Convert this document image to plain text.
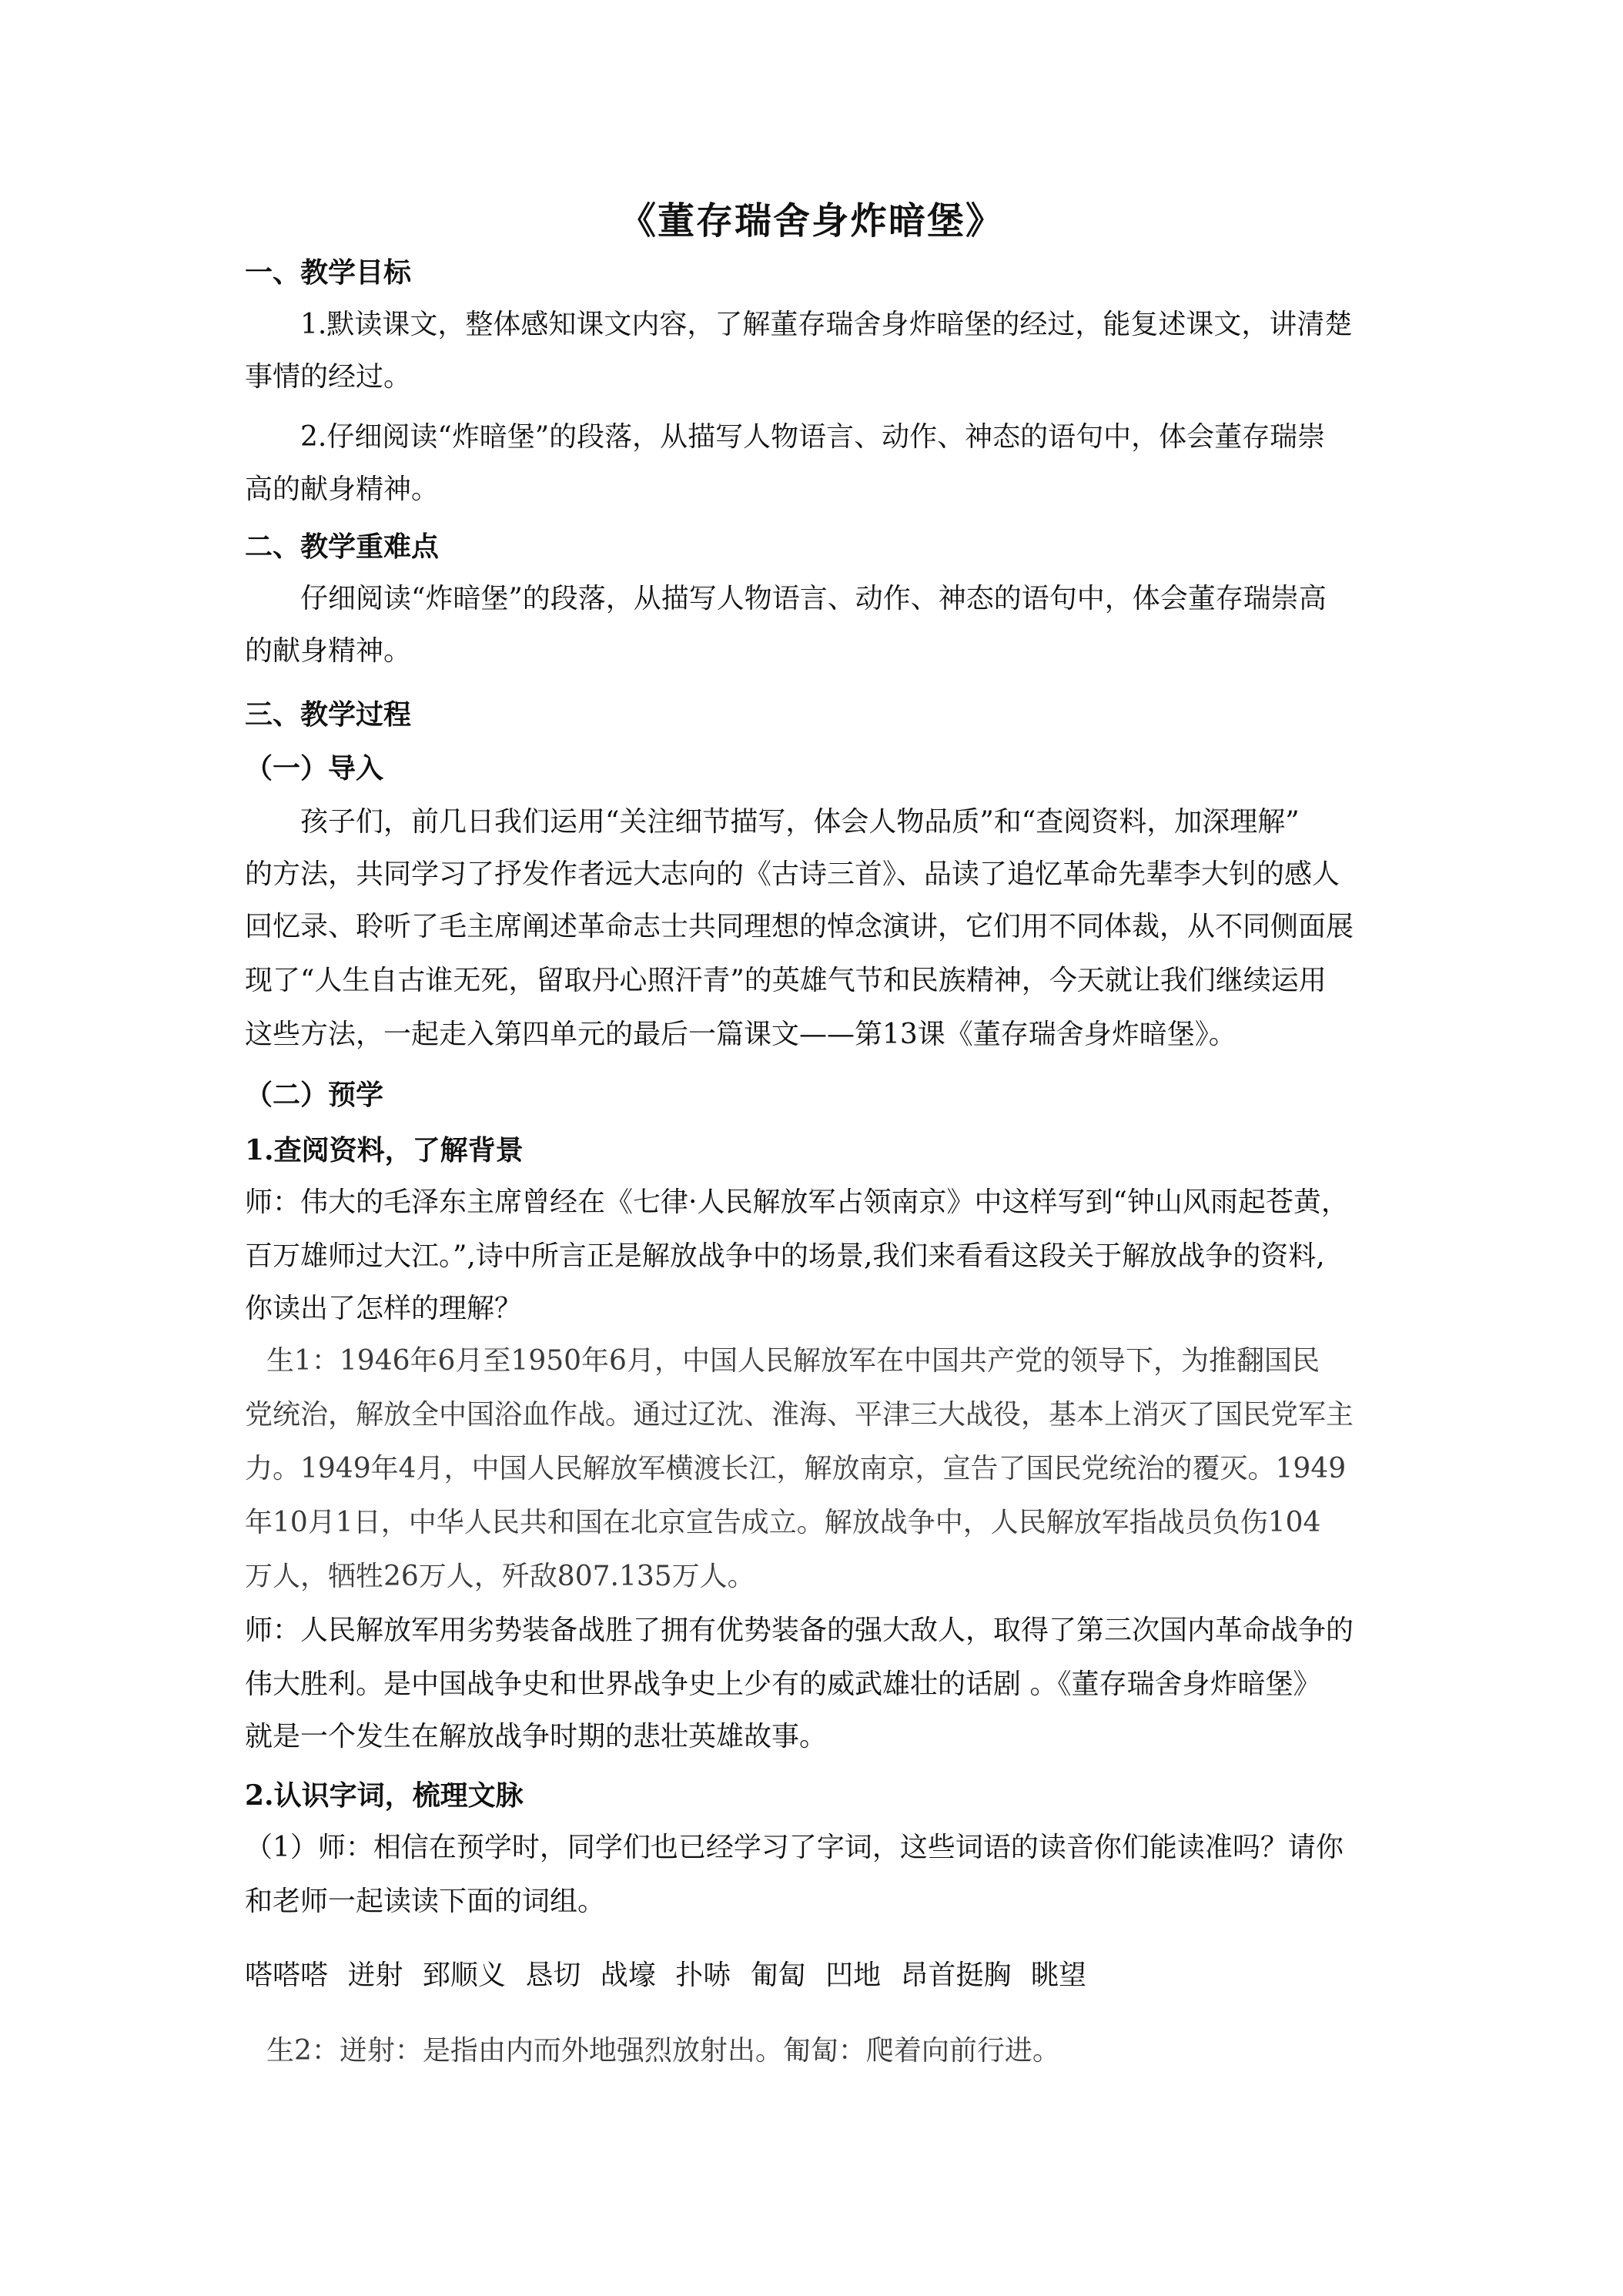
《董存瑞舍身炸暗堡》

一、教学目标

1.默读课文，整体感知课文内容，了解董存瑞舍身炸暗堡的经过，能复述课文，讲清楚

事情的经过。

2.仔细阅读“炸暗堡”的段落，从描写人物语言、动作、神态的语句中，体会董存瑞崇

高的献身精神。

二、教学重难点

仔细阅读“炸暗堡”的段落，从描写人物语言、动作、神态的语句中，体会董存瑞崇高

的献身精神。

三、教学过程

（一）导入

孩子们，前几日我们运用“关注细节描写，体会人物品质”和“查阅资料，加深理解”

的方法，共同学习了抒发作者远大志向的《古诗三首》、品读了追忆革命先辈李大钊的感人

回忆录、聆听了毛主席阐述革命志士共同理想的悼念演讲，它们用不同体裁，从不同侧面展

现了“人生自古谁无死，留取丹心照汗青”的英雄气节和民族精神，今天就让我们继续运用

这些方法，一起走入第四单元的最后一篇课文——第13课《董存瑞舍身炸暗堡》。

（二）预学

1.查阅资料，了解背景

师：伟大的毛泽东主席曾经在《七律·人民解放军占领南京》中这样写到“钟山风雨起苍黄，

百万雄师过大江。”,诗中所言正是解放战争中的场景,我们来看看这段关于解放战争的资料,

你读出了怎样的理解？

生1：1946年6月至1950年6月，中国人民解放军在中国共产党的领导下，为推翻国民

党统治，解放全中国浴血作战。通过辽沈、淮海、平津三大战役，基本上消灭了国民党军主

力。1949年4月，中国人民解放军横渡长江，解放南京，宣告了国民党统治的覆灭。1949

年10月1日，中华人民共和国在北京宣告成立。解放战争中，人民解放军指战员负伤104

万人，牺牲26万人，歼敌807.135万人。

师：人民解放军用劣势装备战胜了拥有优势装备的强大敌人，取得了第三次国内革命战争的

伟大胜利。是中国战争史和世界战争史上少有的威武雄壮的话剧 。《董存瑞舍身炸暗堡》

就是一个发生在解放战争时期的悲壮英雄故事。

2.认识字词，梳理文脉

（1）师：相信在预学时，同学们也已经学习了字词，这些词语的读音你们能读准吗？请你

和老师一起读读下面的词组。

嗒嗒嗒 迸射 郅顺义 恳切 战壕 扑哧 匍匐 凹地 昂首挺胸 眺望

生2：迸射：是指由内而外地强烈放射出。匍匐：爬着向前行进。
